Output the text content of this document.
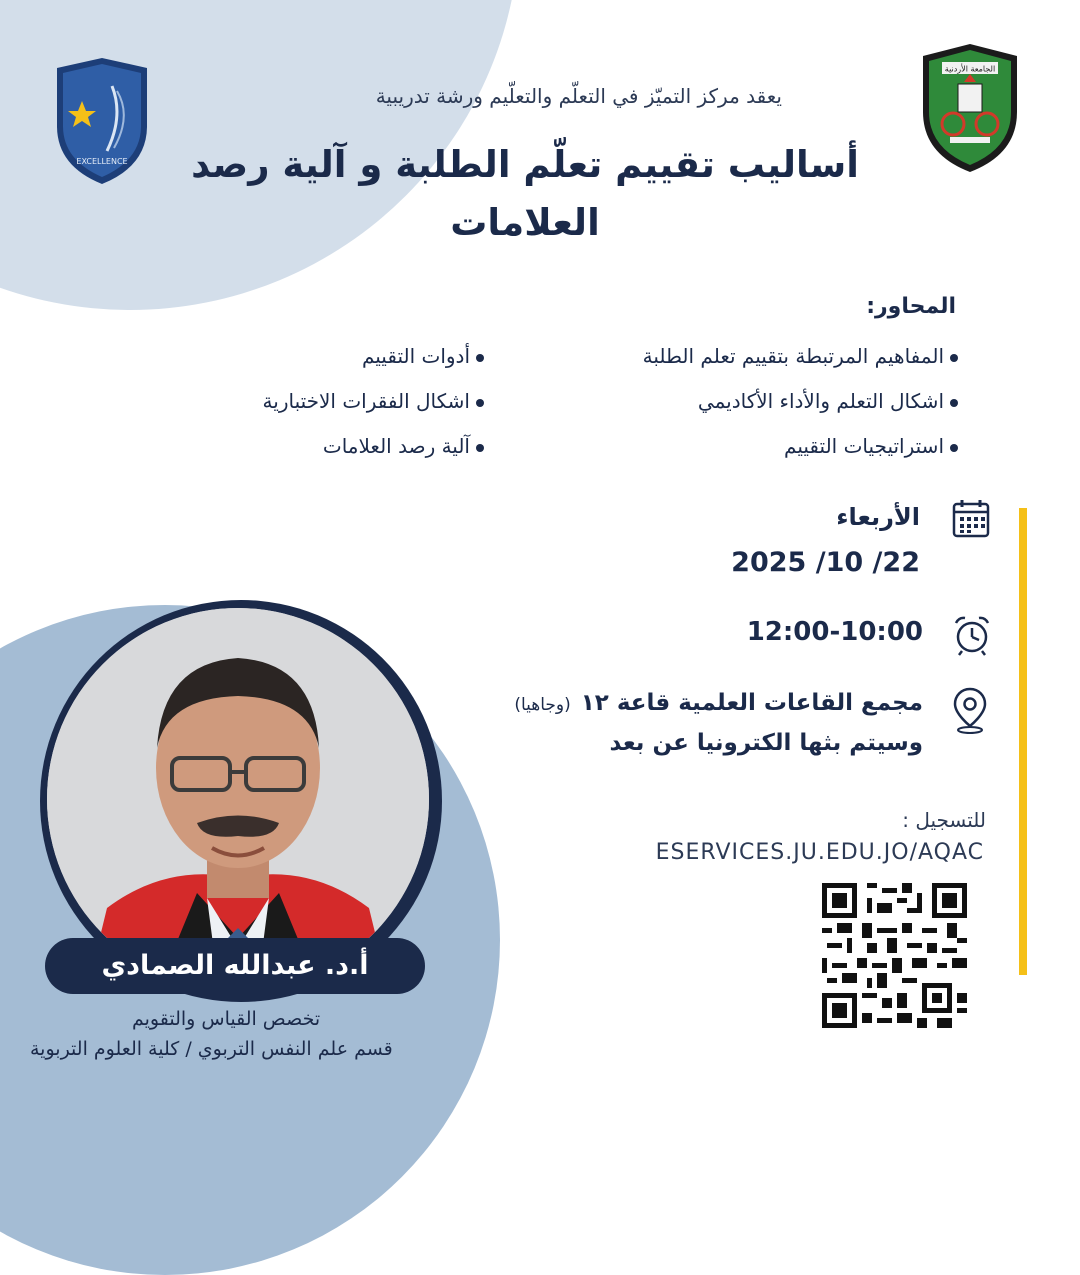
EXCELLENCE
الجامعة الأردنية
يعقد مركز التميّز في التعلّم والتعلّيم ورشة تدريبية
أساليب تقييم تعلّم الطلبة و آلية رصد العلامات
المحاور:
المفاهيم المرتبطة بتقييم تعلم الطلبة
اشكال التعلم والأداء الأكاديمي
استراتيجيات التقييم
أدوات التقييم
اشكال الفقرات الاختبارية
آلية رصد العلامات
الأربعاء
2025 /10 /22
12:00-10:00
مجمع القاعات العلمية قاعة ١٢(وجاهيا)
وسيتم بثها الكترونيا عن بعد
للتسجيل :
ESERVICES.JU.EDU.JO/AQAC
أ.د. عبدالله الصمادي
تخصص القياس والتقويم
قسم علم النفس التربوي / كلية العلوم التربوية
